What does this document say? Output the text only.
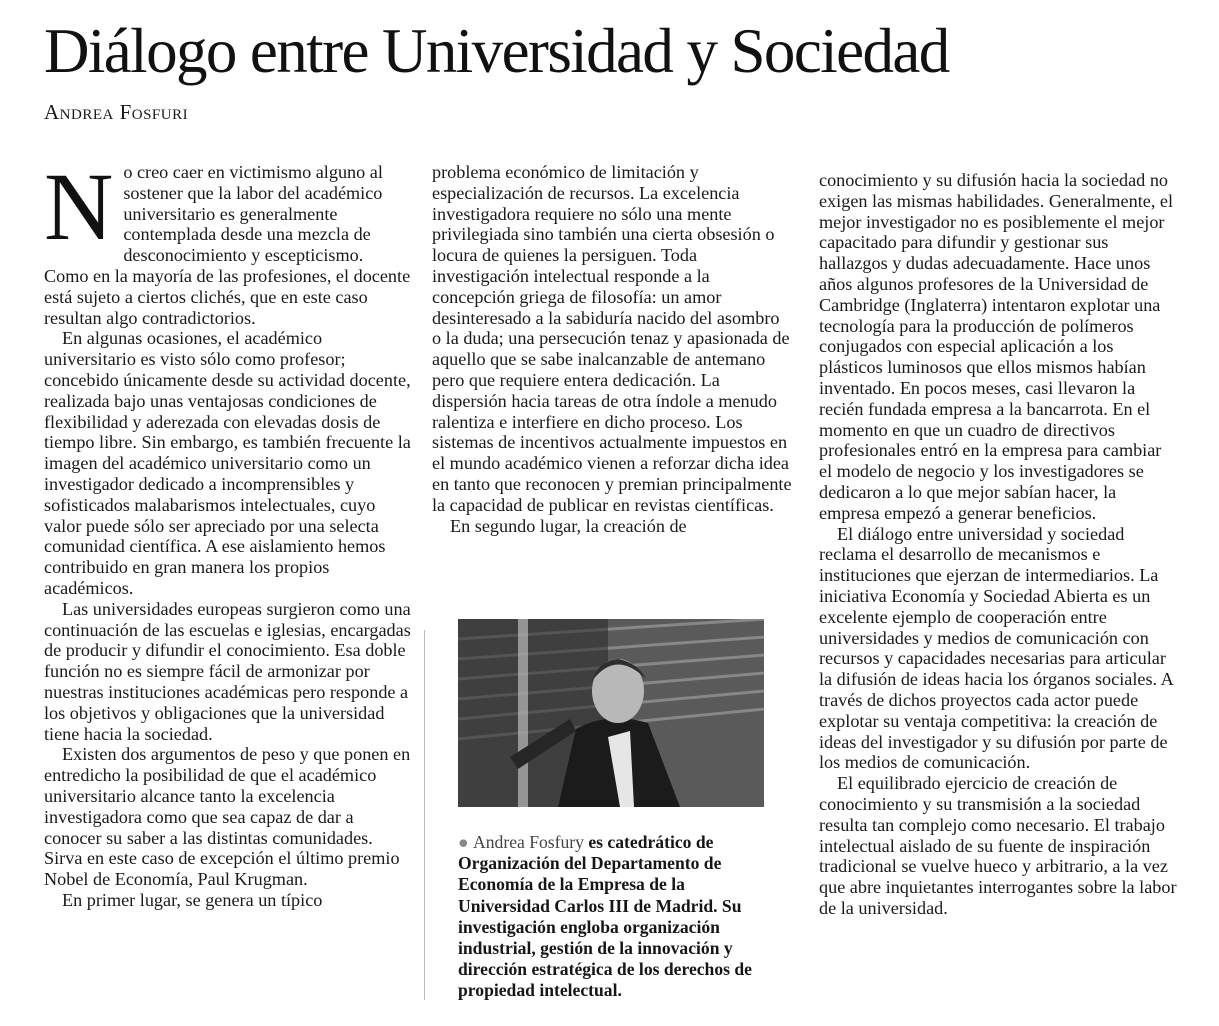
Diálogo entre Universidad y Sociedad
Andrea Fosfuri

No creo caer en victimismo alguno al sostener que la labor del académico universitario es generalmente contemplada desde una mezcla de desconocimiento y escepticismo. Como en la mayoría de las profesiones, el docente está sujeto a ciertos clichés, que en este caso resultan algo contradictorios.

En algunas ocasiones, el académico universitario es visto sólo como profesor; concebido únicamente desde su actividad docente, realizada bajo unas ventajosas condiciones de flexibilidad y aderezada con elevadas dosis de tiempo libre. Sin embargo, es también frecuente la imagen del académico universitario como un investigador dedicado a incomprensibles y sofisticados malabarismos intelectuales, cuyo valor puede sólo ser apreciado por una selecta comunidad científica. A ese aislamiento hemos contribuido en gran manera los propios académicos.

Las universidades europeas surgieron como una continuación de las escuelas e iglesias, encargadas de producir y difundir el conocimiento. Esa doble función no es siempre fácil de armonizar por nuestras instituciones académicas pero responde a los objetivos y obligaciones que la universidad tiene hacia la sociedad.

Existen dos argumentos de peso y que ponen en entredicho la posibilidad de que el académico universitario alcance tanto la excelencia investigadora como que sea capaz de dar a conocer su saber a las distintas comunidades. Sirva en este caso de excepción el último premio Nobel de Economía, Paul Krugman.

En primer lugar, se genera un típico

problema económico de limitación y especialización de recursos. La excelencia investigadora requiere no sólo una mente privilegiada sino también una cierta obsesión o locura de quienes la persiguen. Toda investigación intelectual responde a la concepción griega de filosofía: un amor desinteresado a la sabiduría nacido del asombro o la duda; una persecución tenaz y apasionada de aquello que se sabe inalcanzable de antemano pero que requiere entera dedicación. La dispersión hacia tareas de otra índole a menudo ralentiza e interfiere en dicho proceso. Los sistemas de incentivos actualmente impuestos en el mundo académico vienen a reforzar dicha idea en tanto que reconocen y premian principalmente la capacidad de publicar en revistas científicas.

En segundo lugar, la creación de

● Andrea Fosfury es catedrático de Organización del Departamento de Economía de la Empresa de la Universidad Carlos III de Madrid. Su investigación engloba organización industrial, gestión de la innovación y dirección estratégica de los derechos de propiedad intelectual.

conocimiento y su difusión hacia la sociedad no exigen las mismas habilidades. Generalmente, el mejor investigador no es posiblemente el mejor capacitado para difundir y gestionar sus hallazgos y dudas adecuadamente. Hace unos años algunos profesores de la Universidad de Cambridge (Inglaterra) intentaron explotar una tecnología para la producción de polímeros conjugados con especial aplicación a los plásticos luminosos que ellos mismos habían inventado. En pocos meses, casi llevaron la recién fundada empresa a la bancarrota. En el momento en que un cuadro de directivos profesionales entró en la empresa para cambiar el modelo de negocio y los investigadores se dedicaron a lo que mejor sabían hacer, la empresa empezó a generar beneficios.

El diálogo entre universidad y sociedad reclama el desarrollo de mecanismos e instituciones que ejerzan de intermediarios. La iniciativa Economía y Sociedad Abierta es un excelente ejemplo de cooperación entre universidades y medios de comunicación con recursos y capacidades necesarias para articular la difusión de ideas hacia los órganos sociales. A través de dichos proyectos cada actor puede explotar su ventaja competitiva: la creación de ideas del investigador y su difusión por parte de los medios de comunicación.

El equilibrado ejercicio de creación de conocimiento y su transmisión a la sociedad resulta tan complejo como necesario. El trabajo intelectual aislado de su fuente de inspiración tradicional se vuelve hueco y arbitrario, a la vez que abre inquietantes interrogantes sobre la labor de la universidad.
